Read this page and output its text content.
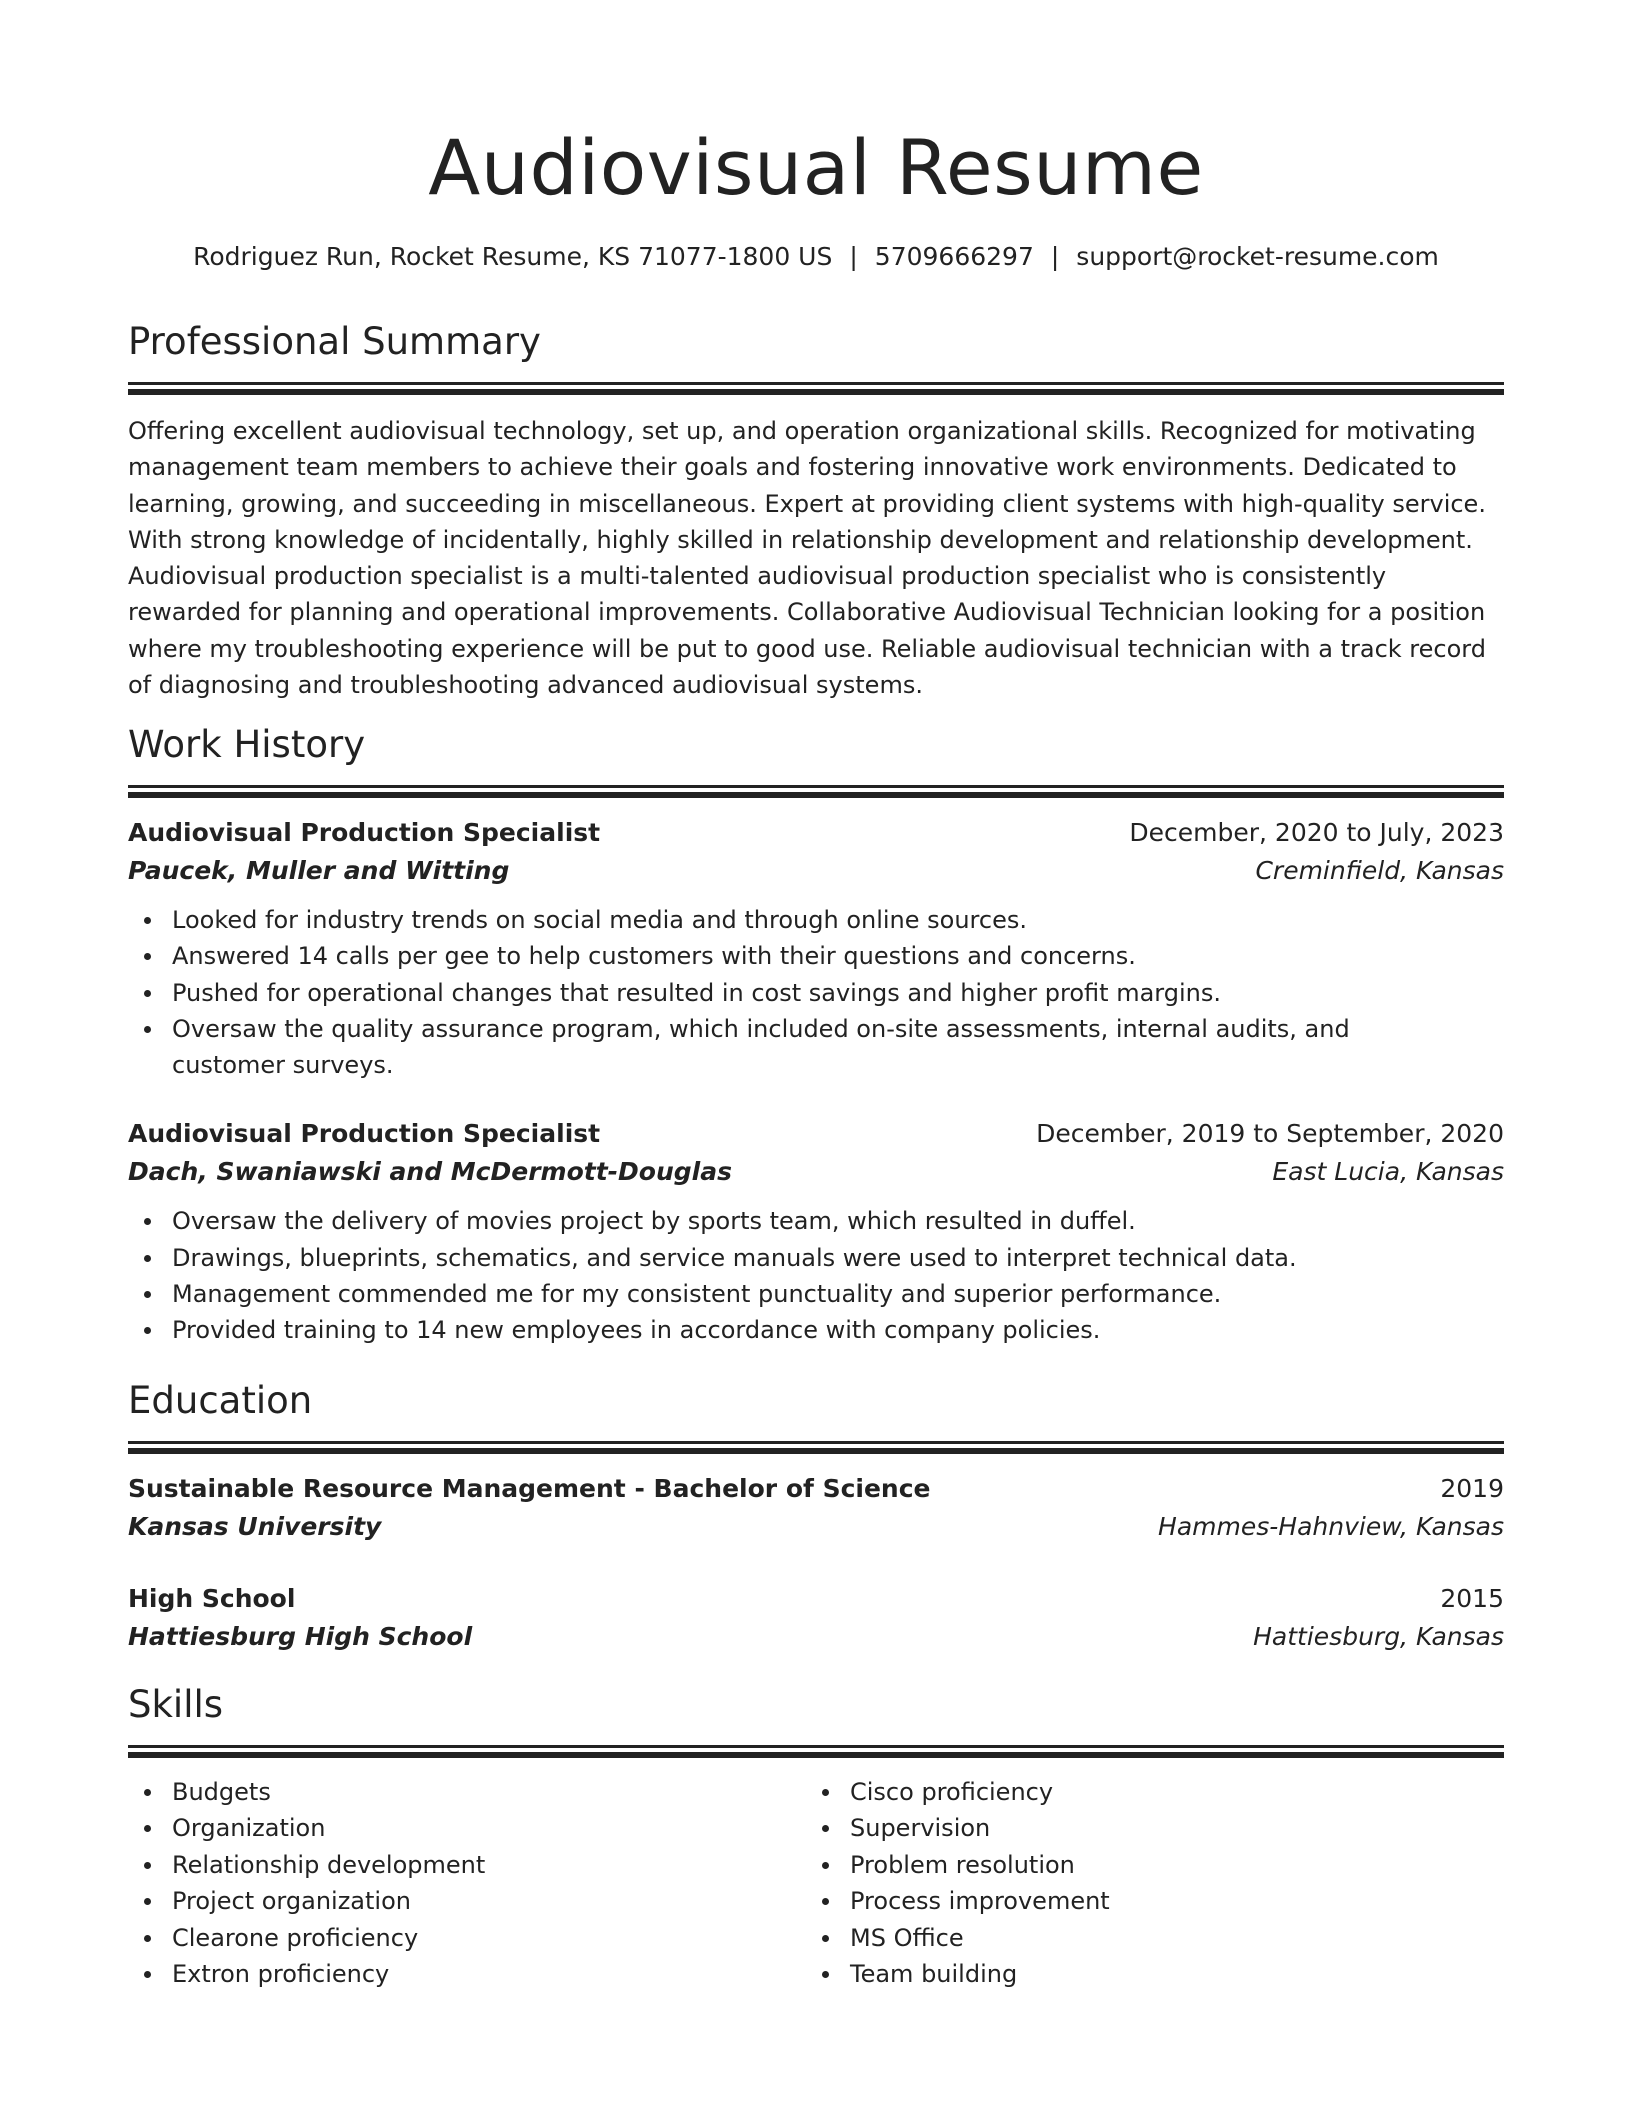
Audiovisual Resume
Rodriguez Run, Rocket Resume, KS 71077-1800 US | 5709666297 | support@rocket-resume.com
Professional Summary
Offering excellent audiovisual technology, set up, and operation organizational skills. Recognized for motivating management team members to achieve their goals and fostering innovative work environments. Dedicated to learning, growing, and succeeding in miscellaneous. Expert at providing client systems with high-quality service. With strong knowledge of incidentally, highly skilled in relationship development and relationship development. Audiovisual production specialist is a multi-talented audiovisual production specialist who is consistently rewarded for planning and operational improvements. Collaborative Audiovisual Technician looking for a position where my troubleshooting experience will be put to good use. Reliable audiovisual technician with a track record of diagnosing and troubleshooting advanced audiovisual systems.
Work History
Audiovisual Production Specialist	December, 2020 to July, 2023
Paucek, Muller and Witting	Creminfield, Kansas
Looked for industry trends on social media and through online sources.
Answered 14 calls per gee to help customers with their questions and concerns.
Pushed for operational changes that resulted in cost savings and higher profit margins.
Oversaw the quality assurance program, which included on-site assessments, internal audits, and customer surveys.
Audiovisual Production Specialist	December, 2019 to September, 2020
Dach, Swaniawski and McDermott-Douglas	East Lucia, Kansas
Oversaw the delivery of movies project by sports team, which resulted in duffel.
Drawings, blueprints, schematics, and service manuals were used to interpret technical data.
Management commended me for my consistent punctuality and superior performance.
Provided training to 14 new employees in accordance with company policies.
Education
Sustainable Resource Management - Bachelor of Science	2019
Kansas University	Hammes-Hahnview, Kansas
High School	2015
Hattiesburg High School	Hattiesburg, Kansas
Skills
Budgets
Organization
Relationship development
Project organization
Clearone proficiency
Extron proficiency
Cisco proficiency
Supervision
Problem resolution
Process improvement
MS Office
Team building
